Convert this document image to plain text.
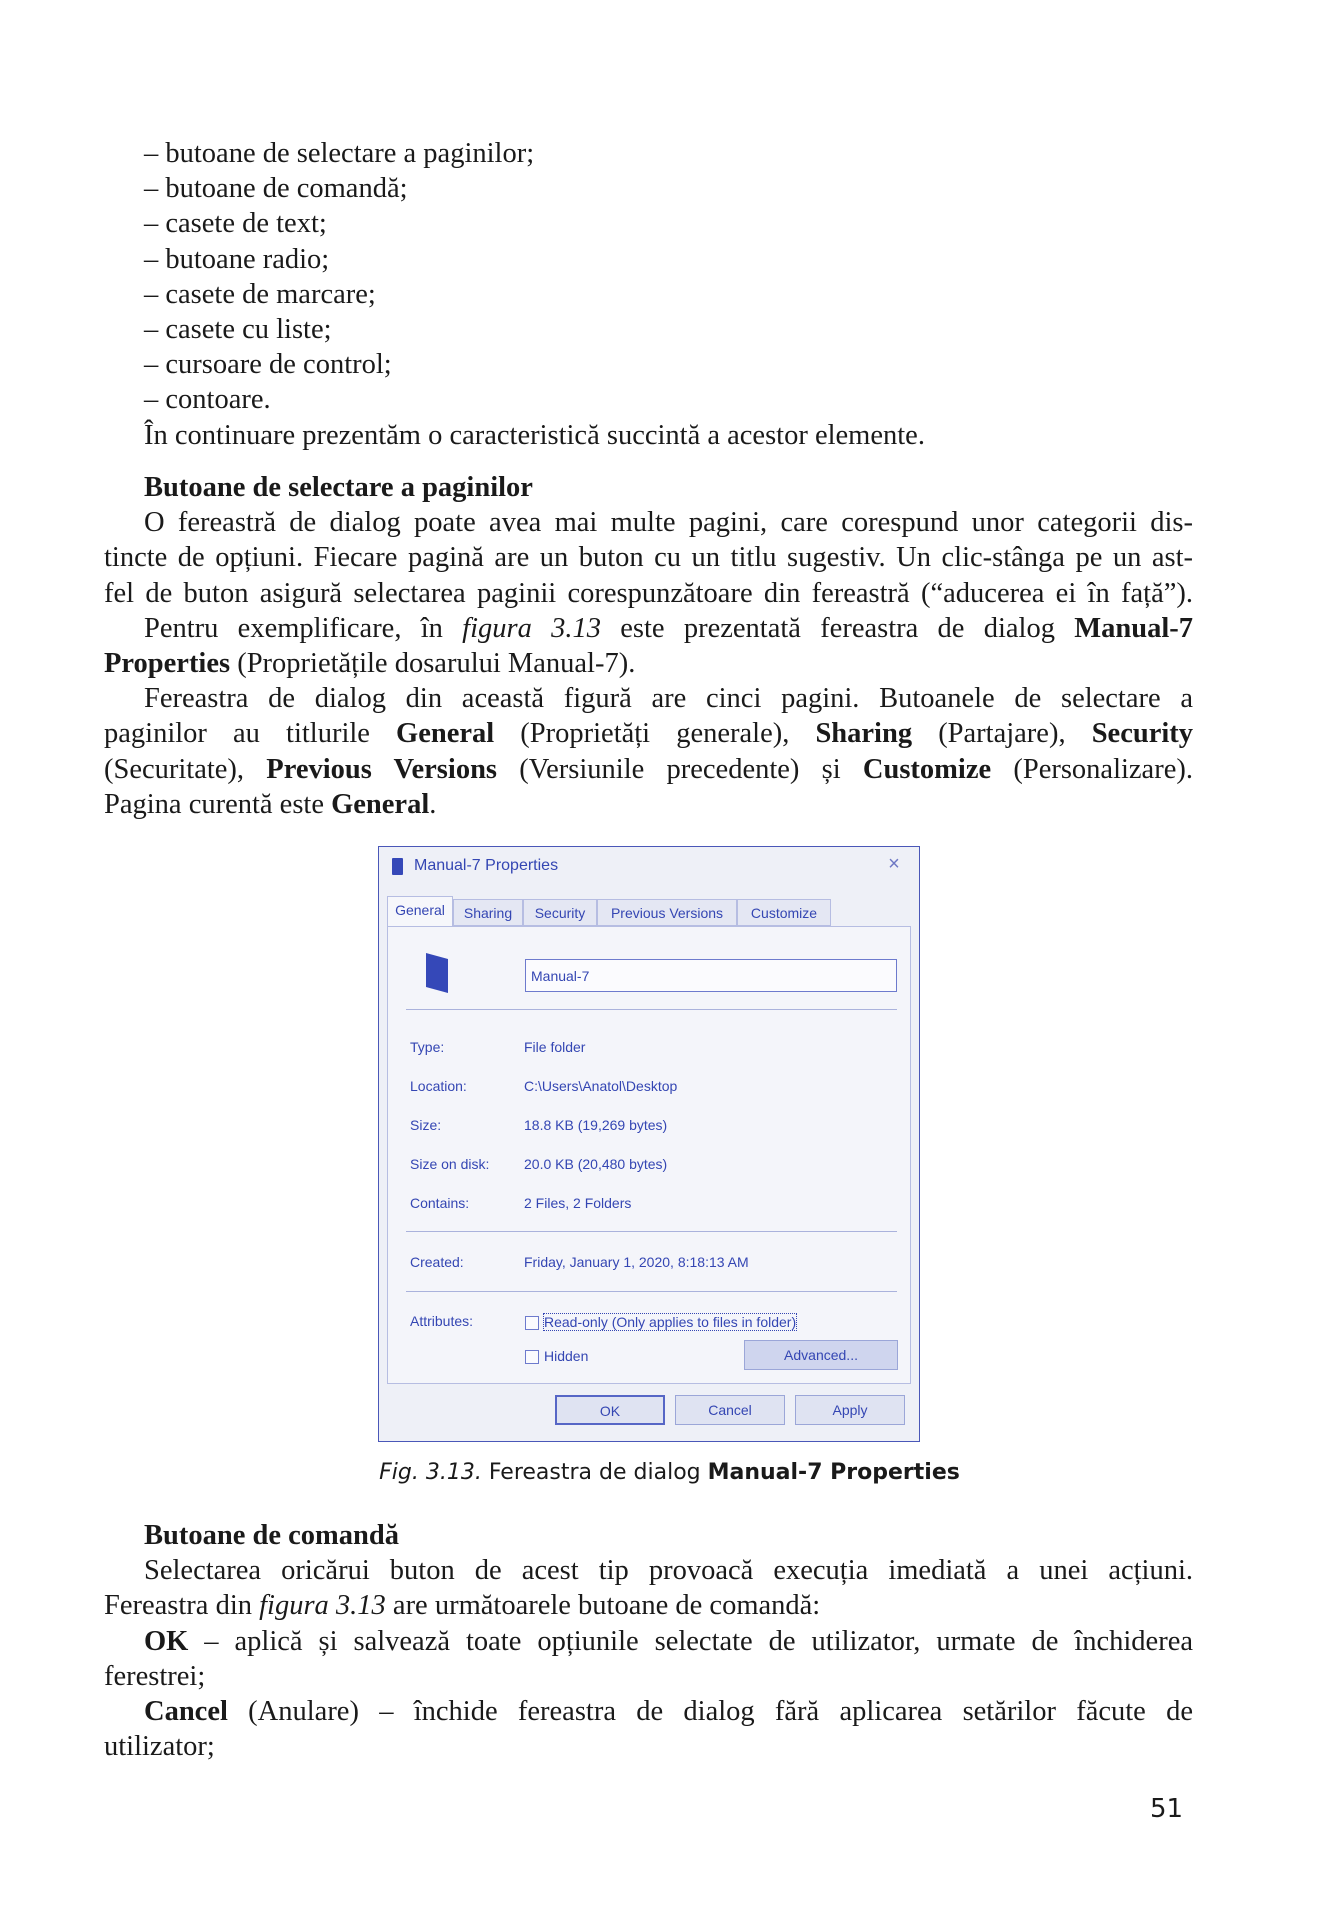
– butoane de selectare a paginilor;
– butoane de comandă;
– casete de text;
– butoane radio;
– casete de marcare;
– casete cu liste;
– cursoare de control;
– contoare.
În continuare prezentăm o caracteristică succintă a acestor elemente.
Butoane de selectare a paginilor
O fereastră de dialog poate avea mai multe pagini, care corespund unor categorii dis-
tincte de opțiuni. Fiecare pagină are un buton cu un titlu sugestiv. Un clic-stânga pe un ast-
fel de buton asigură selectarea paginii corespunzătoare din fereastră (“aducerea ei în față”).
Pentru exemplificare, în figura 3.13 este prezentată fereastra de dialog Manual-7
Properties (Proprietățile dosarului Manual-7).
Fereastra de dialog din această figură are cinci pagini. Butoanele de selectare a
paginilor au titlurile General (Proprietăți generale), Sharing (Partajare), Security
(Securitate), Previous Versions (Versiunile precedente) și Customize (Personalizare).
Pagina curentă este General.
Manual-7 Properties	×
General	Sharing	Security	Previous Versions	Customize
Manual-7
Type:	File folder
Location:	C:\Users\Anatol\Desktop
Size:	18.8 KB (19,269 bytes)
Size on disk: 20.0 KB (20,480 bytes)
Contains:	2 Files, 2 Folders
Created:	Friday, January 1, 2020, 8:18:13 AM
Attributes:	Read-only (Only applies to files in folder)
Hidden	Advanced...
OK	Cancel	Apply
Fig. 3.13. Fereastra de dialog Manual-7 Properties
Butoane de comandă
Selectarea oricărui buton de acest tip provoacă execuția imediată a unei acțiuni.
Fereastra din figura 3.13 are următoarele butoane de comandă:
OK – aplică și salvează toate opțiunile selectate de utilizator, urmate de închiderea
ferestrei;
Cancel (Anulare) – închide fereastra de dialog fără aplicarea setărilor făcute de
utilizator;
51
